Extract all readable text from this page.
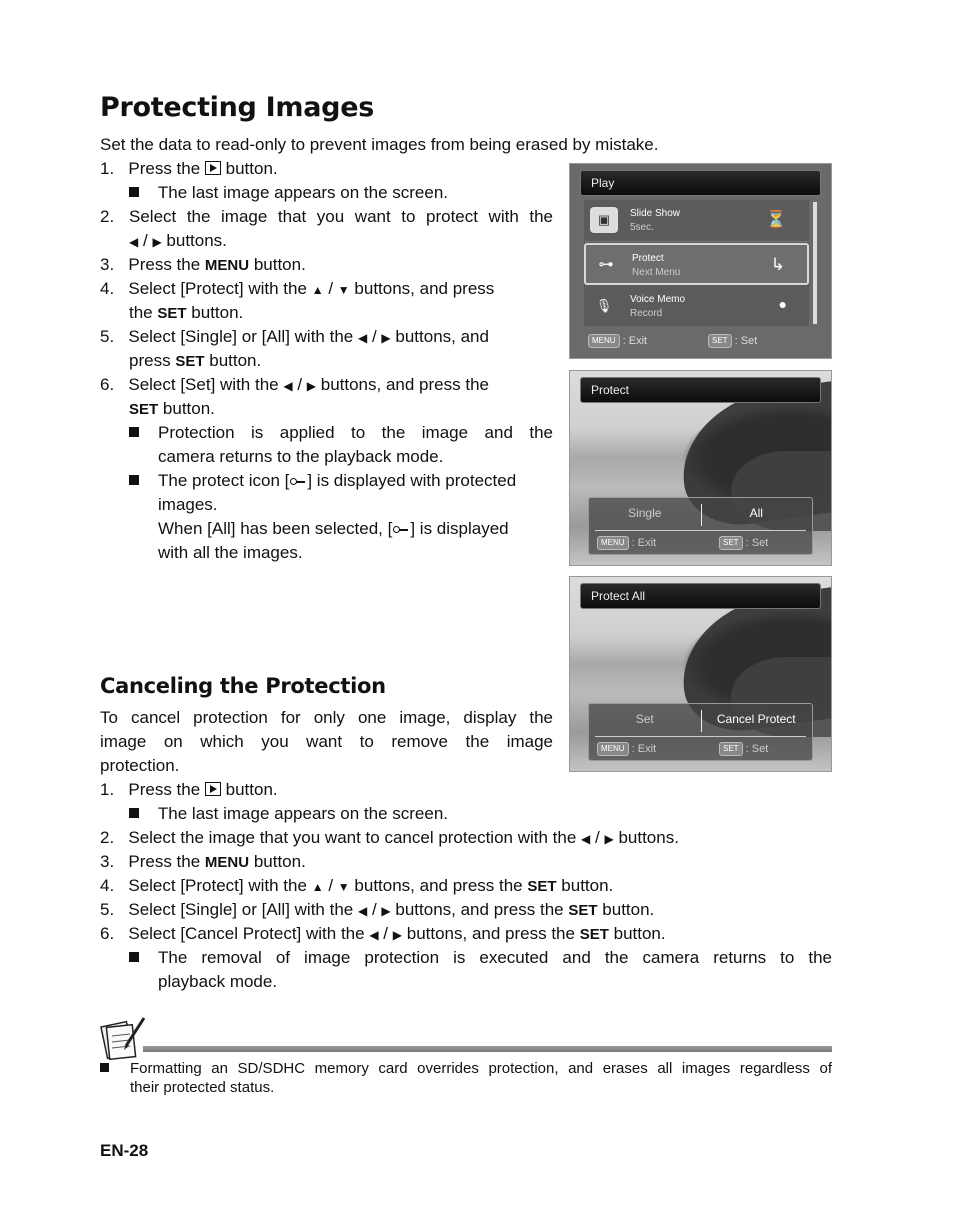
Protecting Images
Set the data to read-only to prevent images from being erased by mistake.
1. Press the button.
The last image appears on the screen.
2. Select the image that you want to protect with the
◀ / ▶ buttons.
3. Press the MENU button.
4. Select [Protect] with the ▲ / ▼ buttons, and press
the SET button.
5. Select [Single] or [All] with the ◀ / ▶ buttons, and
press SET button.
6. Select [Set] with the ◀ / ▶ buttons, and press the
SET button.
Protection is applied to the image and the
camera returns to the playback mode.
The protect icon [ ] is displayed with protected
images.
When [All] has been selected, [ ] is displayed
with all the images.
Play
▣	Slide Show
5sec.	⏳
⊶	Protect
Next Menu	↳
🎙	Voice Memo
Record
●
MENU : Exit	SET : Set
Protect
Single	All
MENU : Exit	SET : Set
Protect All
Set	Cancel Protect
MENU : Exit	SET : Set
Canceling the Protection
To cancel protection for only one image, display the
image on which you want to remove the image
protection.
1. Press the button.
The last image appears on the screen.
2. Select the image that you want to cancel protection with the ◀ / ▶ buttons.
3. Press the MENU button.
4. Select [Protect] with the ▲ / ▼ buttons, and press the SET button.
5. Select [Single] or [All] with the ◀ / ▶ buttons, and press the SET button.
6. Select [Cancel Protect] with the ◀ / ▶ buttons, and press the SET button.
The removal of image protection is executed and the camera returns to the
playback mode.
Formatting an SD/SDHC memory card overrides protection, and erases all images regardless of
their protected status.
EN-28
